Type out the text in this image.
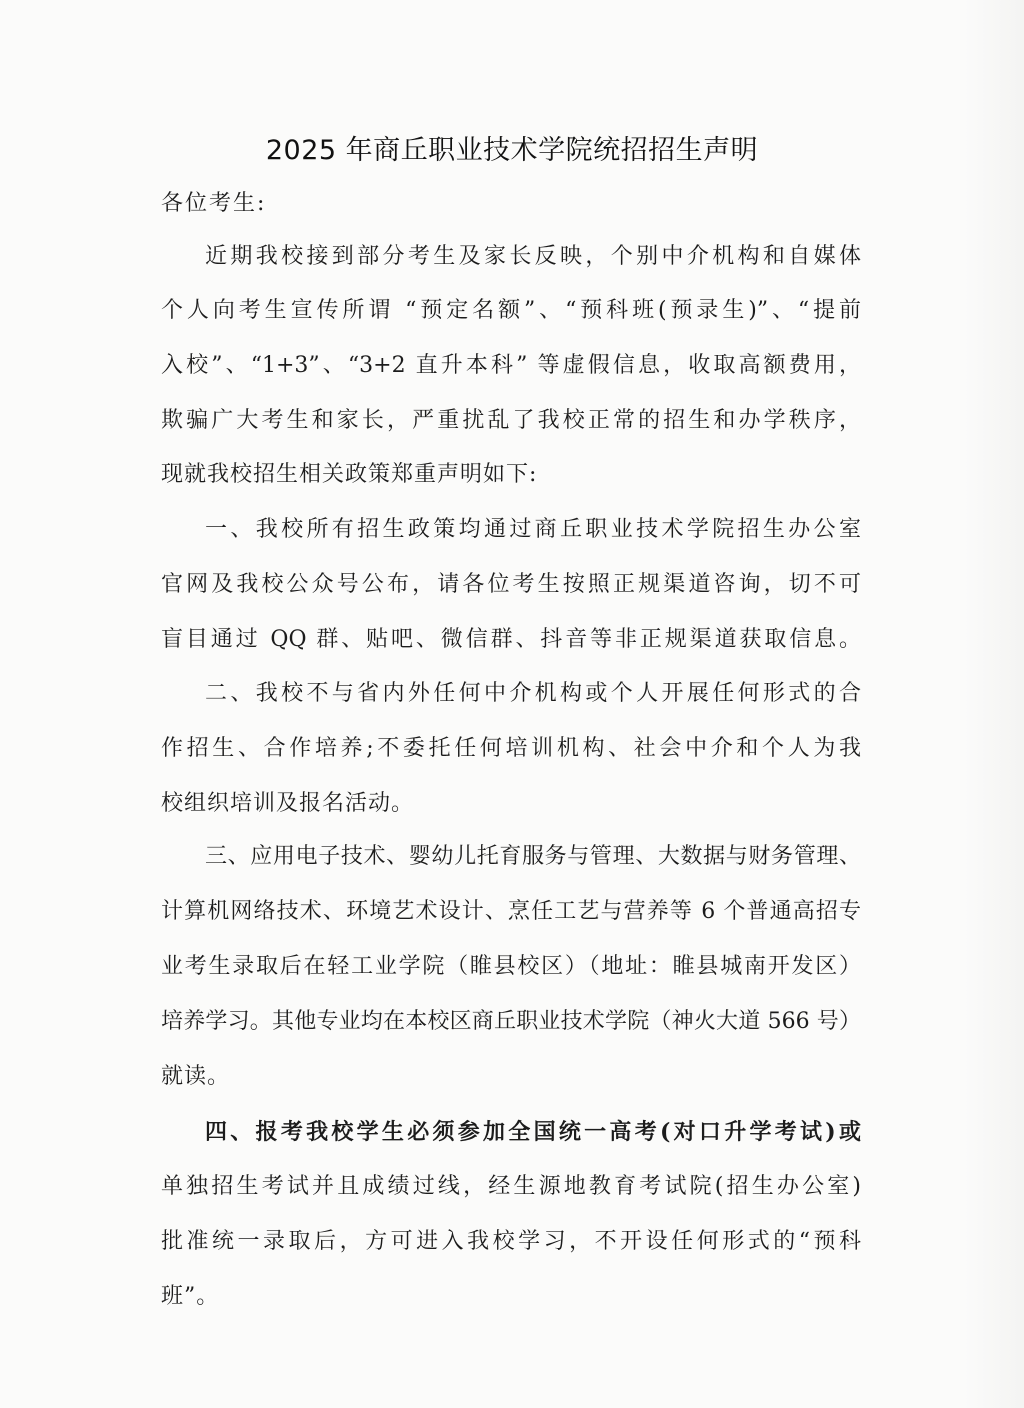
2025 年商丘职业技术学院统招招生声明
各位考生:
近期我校接到部分考生及家长反映，个别中介机构和自媒体
个人向考生宣传所谓 “预定名额”、“预科班(预录生)”、“提前
入校”、“1+3”、“3+2 直升本科” 等虚假信息，收取高额费用，
欺骗广大考生和家长，严重扰乱了我校正常的招生和办学秩序，
现就我校招生相关政策郑重声明如下:
一、我校所有招生政策均通过商丘职业技术学院招生办公室
官网及我校公众号公布，请各位考生按照正规渠道咨询，切不可
盲目通过 QQ 群、贴吧、微信群、抖音等非正规渠道获取信息。
二、我校不与省内外任何中介机构或个人开展任何形式的合
作招生、合作培养;不委托任何培训机构、社会中介和个人为我
校组织培训及报名活动。
三、应用电子技术、婴幼儿托育服务与管理、大数据与财务管理、
计算机网络技术、环境艺术设计、烹任工艺与营养等 6 个普通高招专
业考生录取后在轻工业学院（睢县校区）（地址：睢县城南开发区）
培养学习。其他专业均在本校区商丘职业技术学院（神火大道 566 号）
就读。
四、报考我校学生必须参加全国统一高考(对口升学考试)或
单独招生考试并且成绩过线，经生源地教育考试院(招生办公室)
批准统一录取后，方可进入我校学习，不开设任何形式的“预科
班”。
